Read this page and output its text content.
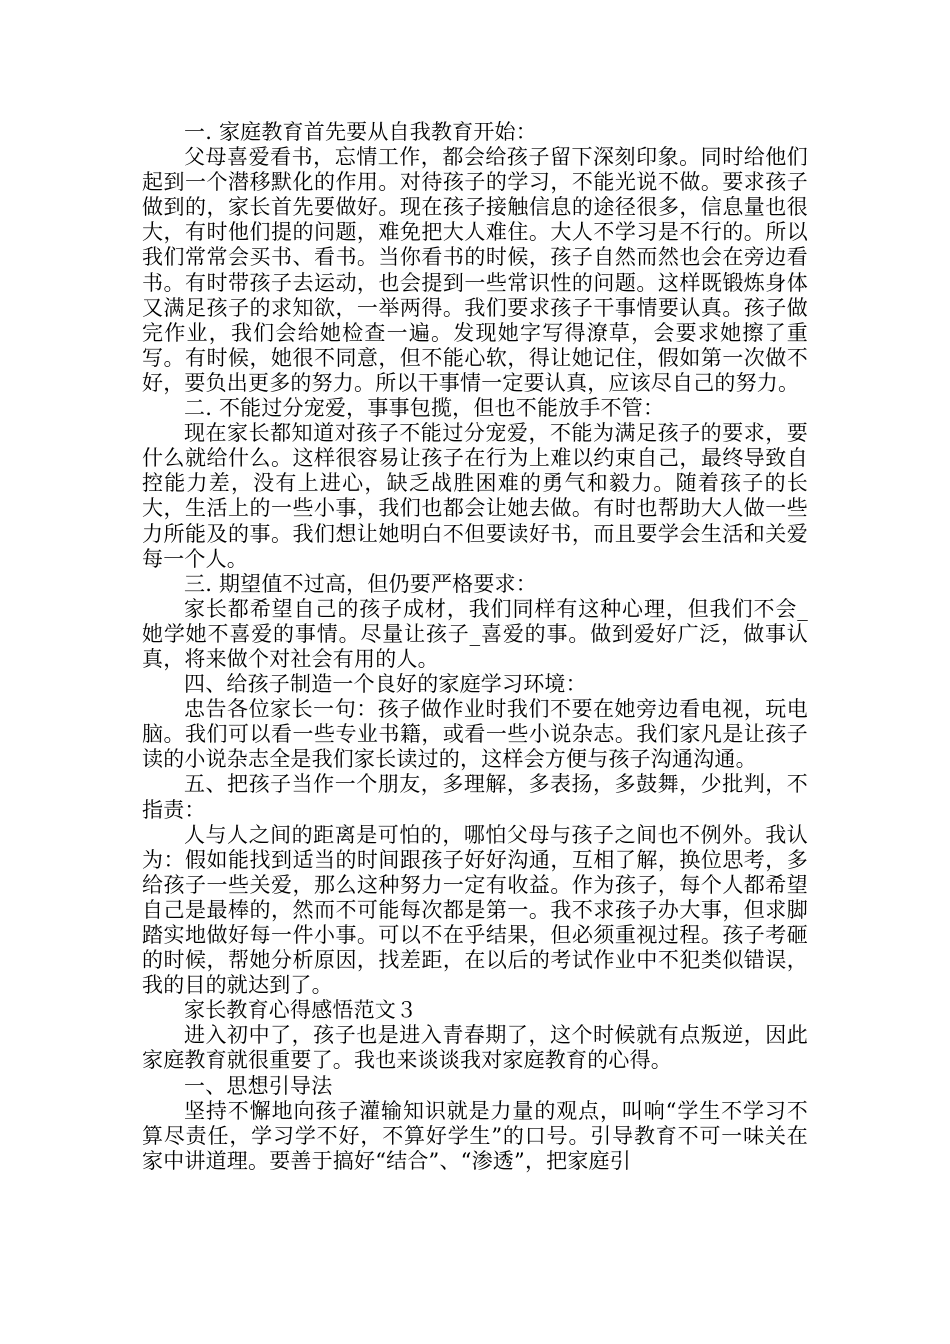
一. 家庭教育首先要从自我教育开始：

父母喜爱看书，忘情工作，都会给孩子留下深刻印象。同时给他们起到一个潜移默化的作用。对待孩子的学习，不能光说不做。要求孩子做到的，家长首先要做好。现在孩子接触信息的途径很多，信息量也很大，有时他们提的问题，难免把大人难住。大人不学习是不行的。所以我们常常会买书、看书。当你看书的时候，孩子自然而然也会在旁边看书。有时带孩子去运动，也会提到一些常识性的问题。这样既锻炼身体又满足孩子的求知欲，一举两得。我们要求孩子干事情要认真。孩子做完作业，我们会给她检查一遍。发现她字写得潦草，会要求她擦了重写。有时候，她很不同意，但不能心软，得让她记住，假如第一次做不好，要负出更多的努力。所以干事情一定要认真，应该尽自己的努力。

二. 不能过分宠爱，事事包揽，但也不能放手不管：

现在家长都知道对孩子不能过分宠爱，不能为满足孩子的要求，要什么就给什么。这样很容易让孩子在行为上难以约束自己，最终导致自控能力差，没有上进心，缺乏战胜困难的勇气和毅力。随着孩子的长大，生活上的一些小事，我们也都会让她去做。有时也帮助大人做一些力所能及的事。我们想让她明白不但要读好书，而且要学会生活和关爱每一个人。

三. 期望值不过高，但仍要严格要求：

家长都希望自己的孩子成材，我们同样有这种心理，但我们不会_她学她不喜爱的事情。尽量让孩子_喜爱的事。做到爱好广泛，做事认真，将来做个对社会有用的人。

四、给孩子制造一个良好的家庭学习环境：

忠告各位家长一句：孩子做作业时我们不要在她旁边看电视，玩电脑。我们可以看一些专业书籍，或看一些小说杂志。我们家凡是让孩子读的小说杂志全是我们家长读过的，这样会方便与孩子沟通沟通。

五、把孩子当作一个朋友，多理解，多表扬，多鼓舞，少批判，不指责：

人与人之间的距离是可怕的，哪怕父母与孩子之间也不例外。我认为：假如能找到适当的时间跟孩子好好沟通，互相了解，换位思考，多给孩子一些关爱，那么这种努力一定有收益。作为孩子，每个人都希望自己是最棒的，然而不可能每次都是第一。我不求孩子办大事，但求脚踏实地做好每一件小事。可以不在乎结果，但必须重视过程。孩子考砸的时候，帮她分析原因，找差距，在以后的考试作业中不犯类似错误，我的目的就达到了。

家长教育心得感悟范文３

进入初中了，孩子也是进入青春期了，这个时候就有点叛逆，因此家庭教育就很重要了。我也来谈谈我对家庭教育的心得。

一、思想引导法

坚持不懈地向孩子灌输知识就是力量的观点，叫响“学生不学习不算尽责任，学习学不好，不算好学生”的口号。引导教育不可一味关在家中讲道理。要善于搞好“结合”、“渗透”，把家庭引
